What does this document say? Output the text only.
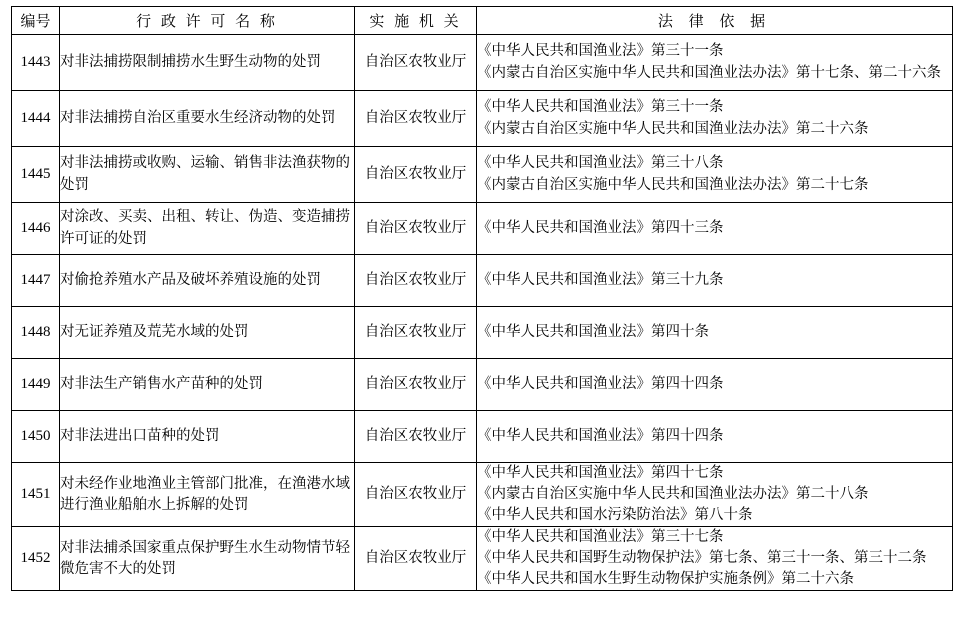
编号	行 政 许 可 名 称	实 施 机 关	法 律 依 据
1443	对非法捕捞限制捕捞水生野生动物的处罚	自治区农牧业厅	《中华人民共和国渔业法》第三十一条
《内蒙古自治区实施中华人民共和国渔业法办法》第十七条、第二十六条

1444	对非法捕捞自治区重要水生经济动物的处罚	自治区农牧业厅	《中华人民共和国渔业法》第三十一条
《内蒙古自治区实施中华人民共和国渔业法办法》第二十六条

1445	对非法捕捞或收购、运输、销售非法渔获物的处罚	自治区农牧业厅	《中华人民共和国渔业法》第三十八条
《内蒙古自治区实施中华人民共和国渔业法办法》第二十七条

1446	对涂改、买卖、出租、转让、伪造、变造捕捞许可证的处罚	自治区农牧业厅	《中华人民共和国渔业法》第四十三条

1447	对偷抢养殖水产品及破坏养殖设施的处罚	自治区农牧业厅	《中华人民共和国渔业法》第三十九条

1448	对无证养殖及荒芜水域的处罚	自治区农牧业厅	《中华人民共和国渔业法》第四十条

1449	对非法生产销售水产苗种的处罚	自治区农牧业厅	《中华人民共和国渔业法》第四十四条

1450	对非法进出口苗种的处罚	自治区农牧业厅	《中华人民共和国渔业法》第四十四条

1451	对未经作业地渔业主管部门批准，在渔港水域进行渔业船舶水上拆解的处罚	自治区农牧业厅	《中华人民共和国渔业法》第四十七条
《内蒙古自治区实施中华人民共和国渔业法办法》第二十八条
《中华人民共和国水污染防治法》第八十条

1452	对非法捕杀国家重点保护野生水生动物情节轻微危害不大的处罚	自治区农牧业厅	《中华人民共和国渔业法》第三十七条
《中华人民共和国野生动物保护法》第七条、第三十一条、第三十二条
《中华人民共和国水生野生动物保护实施条例》第二十六条
